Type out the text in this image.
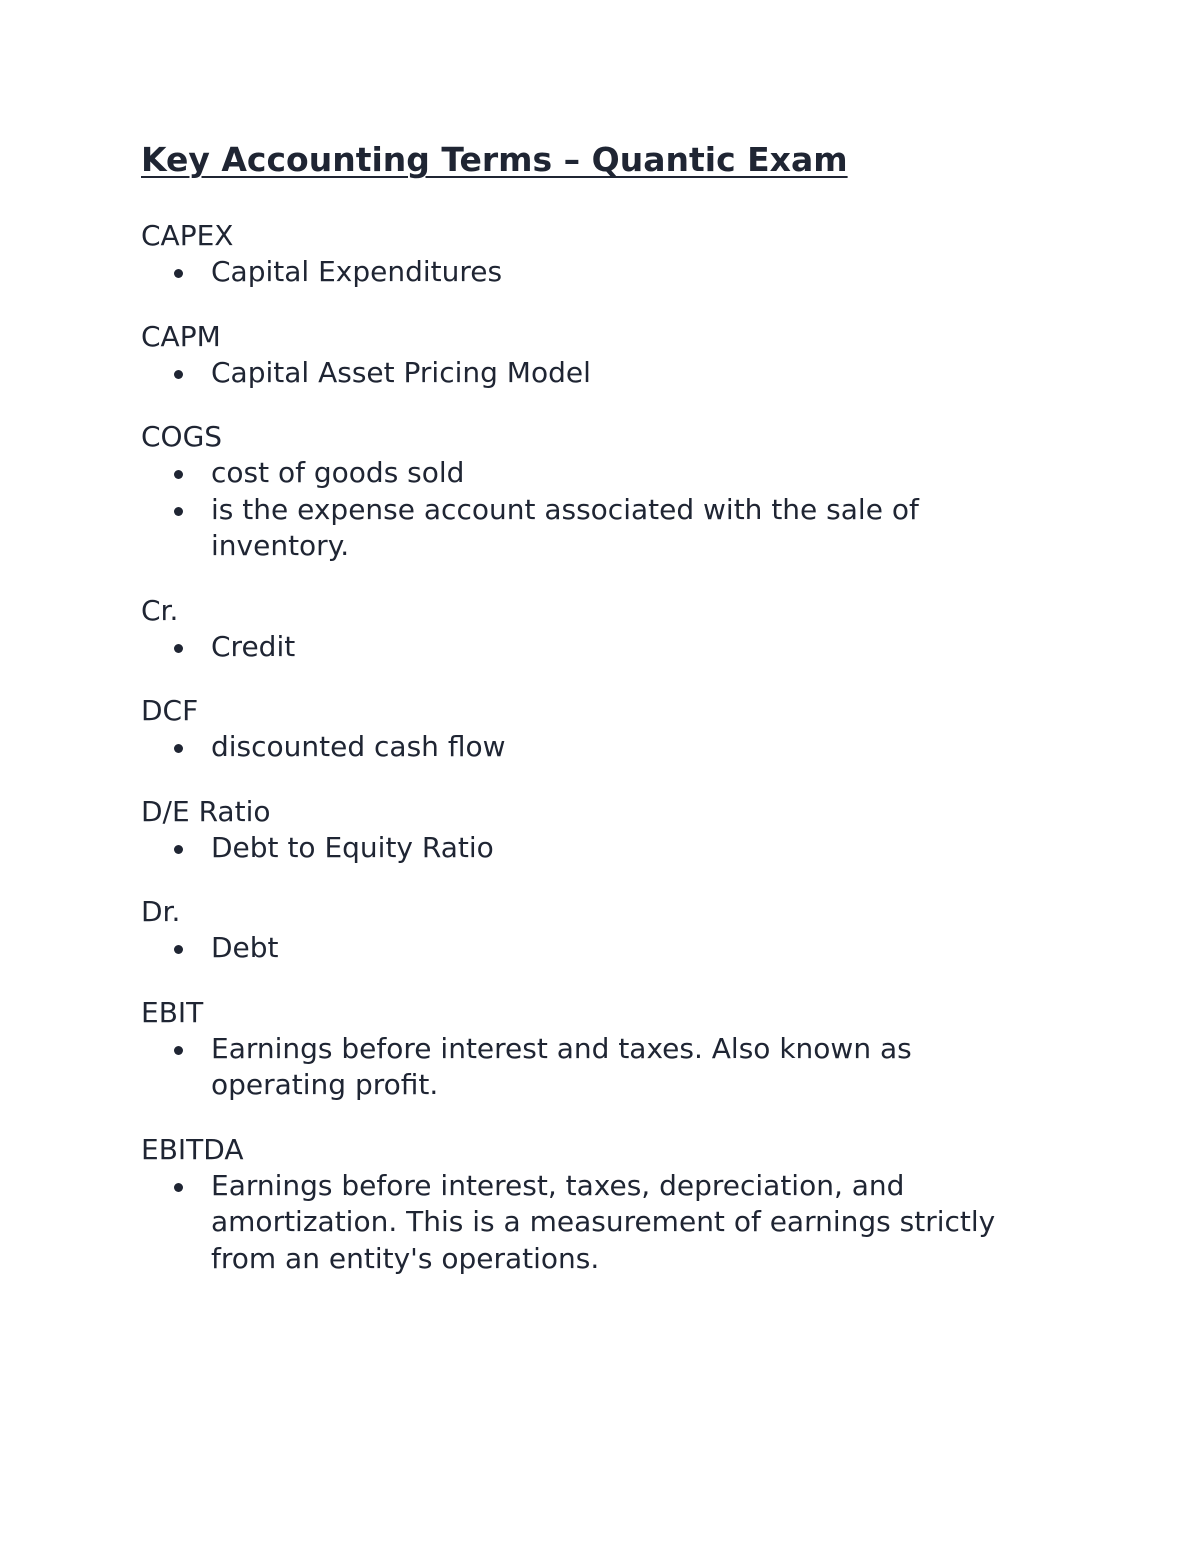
Key Accounting Terms – Quantic Exam

CAPEX

Capital Expenditures

CAPM

Capital Asset Pricing Model

COGS

cost of goods sold
is the expense account associated with the sale of inventory.

Cr.

Credit

DCF

discounted cash flow

D/E Ratio

Debt to Equity Ratio

Dr.

Debt

EBIT

Earnings before interest and taxes. Also known as operating profit.

EBITDA

Earnings before interest, taxes, depreciation, and amortization. This is a measurement of earnings strictly from an entity's operations.
